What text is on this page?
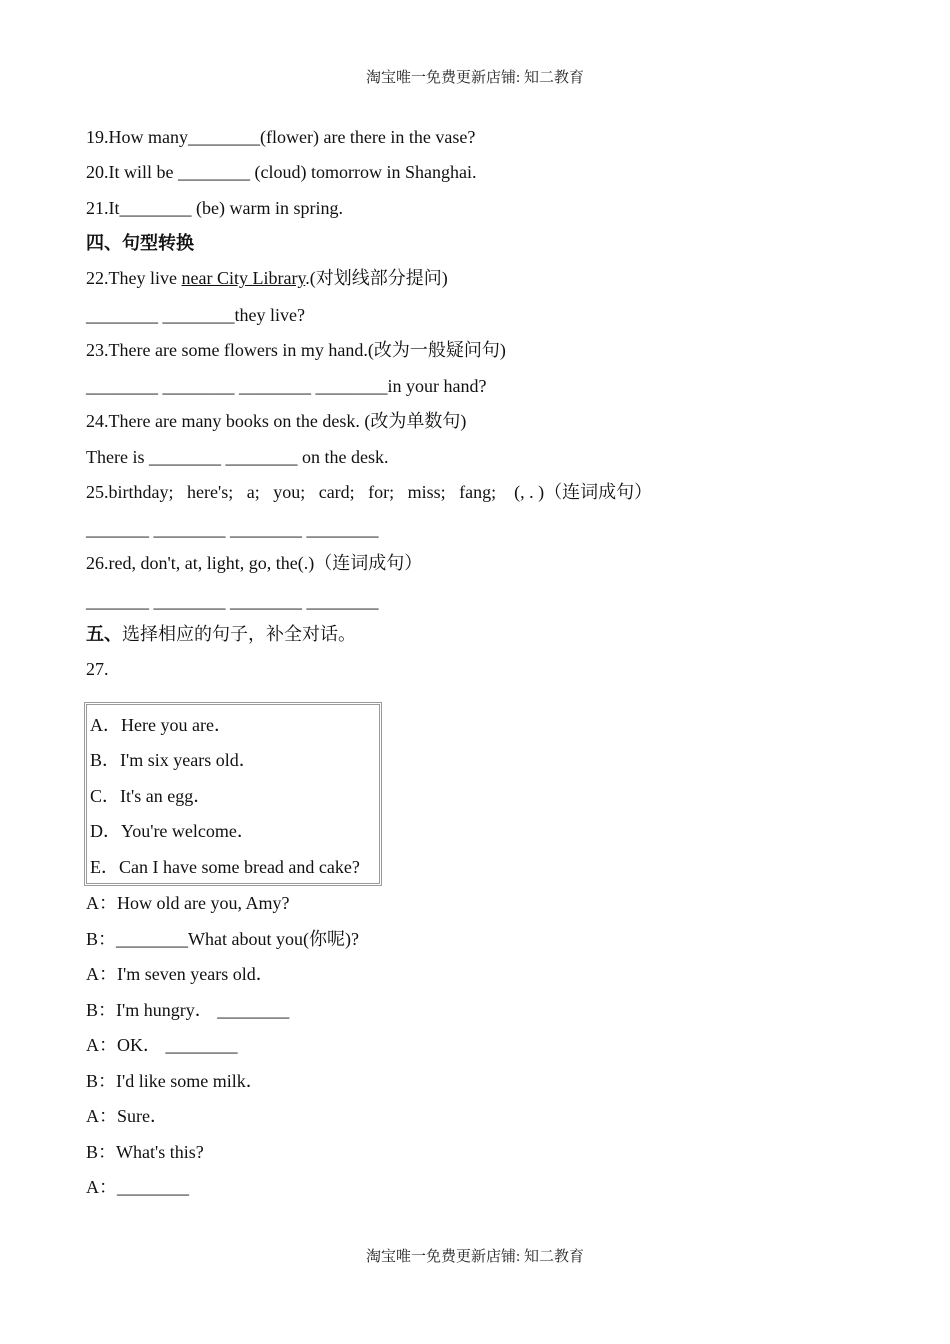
淘宝唯一免费更新店铺: 知二教育
19.How many________(flower) are there in the vase?
20.It will be ________ (cloud) tomorrow in Shanghai.
21.It________ (be) warm in spring.
四、句型转换
22.They live near City Library.(对划线部分提问)
________ ________they live?
23.There are some flowers in my hand.(改为一般疑问句)
________ ________ ________ ________in your hand?
24.There are many books on the desk. (改为单数句)
There is ________ ________ on the desk.
25.birthday;   here's;   a;   you;   card;   for;   miss;   fang;    (, . )（连词成句）
_______ ________ ________ ________
26.red, don't, at, light, go, the(.)（连词成句）
_______ ________ ________ ________
五、选择相应的句子，补全对话。
27.
A．Here you are．
B．I'm six years old．
C．It's an egg．
D．You're welcome．
E．Can I have some bread and cake?
A：How old are you, Amy?
B：________What about you(你呢)?
A：I'm seven years old．
B：I'm hungry． ________
A：OK． ________
B：I'd like some milk．
A：Sure．
B：What's this?
A：________
淘宝唯一免费更新店铺: 知二教育
